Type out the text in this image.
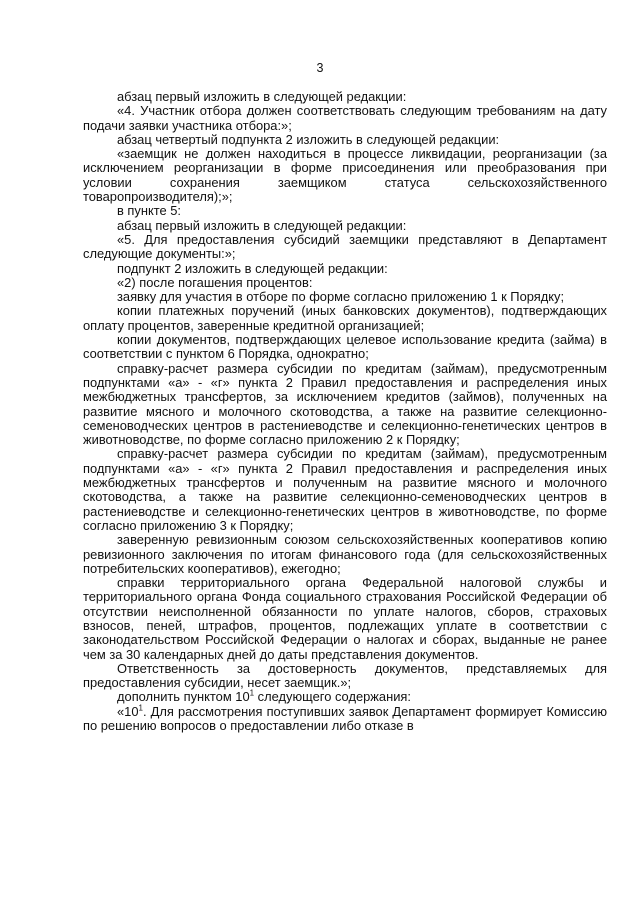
3

абзац первый изложить в следующей редакции:

«4. Участник отбора должен соответствовать следующим требованиям на дату подачи заявки участника отбора:»;

абзац четвертый подпункта 2 изложить в следующей редакции:

«заемщик не должен находиться в процессе ликвидации, реорганизации (за исключением реорганизации в форме присоединения или преобразования при условии сохранения заемщиком статуса сельскохозяйственного товаропроизводителя);»;

в пункте 5:

абзац первый изложить в следующей редакции:

«5. Для предоставления субсидий заемщики представляют в Департамент следующие документы:»;

подпункт 2 изложить в следующей редакции:

«2) после погашения процентов:

заявку для участия в отборе по форме согласно приложению 1 к Порядку;

копии платежных поручений (иных банковских документов), подтверждающих оплату процентов, заверенные кредитной организацией;

копии документов, подтверждающих целевое использование кредита (займа) в соответствии с пунктом 6 Порядка, однократно;

справку-расчет размера субсидии по кредитам (займам), предусмотренным подпунктами «а» - «г» пункта 2 Правил предоставления и распределения иных межбюджетных трансфертов, за исключением кредитов (займов), полученных на развитие мясного и молочного скотоводства, а также на развитие селекционно-семеноводческих центров в растениеводстве и селекционно-генетических центров в животноводстве, по форме согласно приложению 2 к Порядку;

справку-расчет размера субсидии по кредитам (займам), предусмотренным подпунктами «а» - «г» пункта 2 Правил предоставления и распределения иных межбюджетных трансфертов и полученным на развитие мясного и молочного скотоводства, а также на развитие селекционно-семеноводческих центров в растениеводстве и селекционно-генетических центров в животноводстве, по форме согласно приложению 3 к Порядку;

заверенную ревизионным союзом сельскохозяйственных кооперативов копию ревизионного заключения по итогам финансового года (для сельскохозяйственных потребительских кооперативов), ежегодно;

справки территориального органа Федеральной налоговой службы и территориального органа Фонда социального страхования Российской Федерации об отсутствии неисполненной обязанности по уплате налогов, сборов, страховых взносов, пеней, штрафов, процентов, подлежащих уплате в соответствии с законодательством Российской Федерации о налогах и сборах, выданные не ранее чем за 30 календарных дней до даты представления документов.

Ответственность за достоверность документов, представляемых для предоставления субсидии, несет заемщик.»;

дополнить пунктом $10^1$ следующего содержания:

«$10^1$. Для рассмотрения поступивших заявок Департамент формирует Комиссию по решению вопросов о предоставлении либо отказе в
